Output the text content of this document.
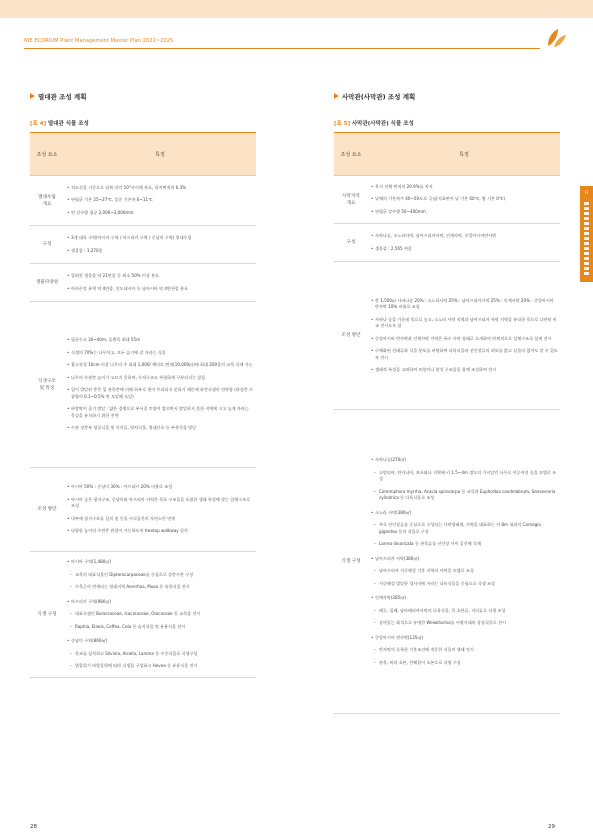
NIE ECORIUM Plant Management Master Plan 2021~2025
II
열대관 조성 계획
[표 4] 열대관 식물 조성
조성 요소	특징
열대우림
개요
• 적도선을 기준으로 남북 각각 10°사이에 분포, 육지면적의 6.3%
• 연평균 기온 25~27℃, 일준 기온차 6~11℃
• 연 강수량 평균 2,000~3,000mm
구성
• 3개 대륙 구역(아시아 구역 / 아프리카 구역 / 중남미 구역) 열대우림
• 생물종 : 1,270종
생물다양성
• 알려진 생물종 약 21만종 중 최소 50% 이상 분포
• 아마존강 유역 약 4만종, 인도네시아 등 남아시아 약 4만천종 분포
식생구조
및 특징
• 평균수고 30~40m, 돌출목 최대 55m
• 식생의 70%는 나무이고, 모두 습기에 잘 자라는 식물
• 흉고직경 10cm 이상 나무의 수 최대 1,000/ 헥타르 면적(10,000㎡)에 최대 200종의 교목 식재 가능
• 나무의 수관층 높이가 고르지 못하여, 수직구조도 뚜렷하게 구분되지는 않음
• 일이 발달된 층은 잎 관목층에 의해 하부로 빛이 투과되지 못하기 때문에 하층식생이 빈약함 (하성층 수광량의 0.1~0.5% 만 도달해 도달)
• 바람막이 줄기 발달 : 얇은 경쟁으로 부서질 토양이 얕으면서 발달하지 못한 지역에 크고 높게 자라는 목질을 유지하기 위한 전략
• 수관 상층부 덩굴식물 및 이끼류, 양치식물, 열대난초 등 부착식물 발달
조성 방안
• 아시아 50% : 중남미 30% : 아프리카 20% 비율로 조성
• 아시아 숲은 평지구조, 중남미와 아프리카 지역은 목포 구조물을 포함한 생태 특성에 맞는 입체구조로 조성
• 내부에 평지구조를 설치 및 동물 서식공간의 자연스런 연계
• 다양한 높이의 수관층 관찰이 가능하도록 treetop walkway 설치
식생 구성
• 아시아 구역(1,480㎡)
– 교목의 대표식물인 Dipterocarpaceae를 중심으로 상층수관 구성
– 수목군의 연계되는 열대지역 Averrhoa, Musa 등 유용식물 전시
• 아프리카 구역(980㎡)
– 대표식생인 Burseraceae, Icacinaceae, Olacaceae 등 교목종 전시
– Raphia, Elaeis, Coffea, Cola 등 습지식물 및 유용식물 전시
• 중남미 구역(860㎡)
– 목조를 설치하고 Silvinia, Alcella, Lamma 등 수중식물로 식생구성
– 멸종위기 바람물원에 따라 식생을 구성하고 Hevea 등 유용식물 전시
28
사막관(사막관) 조성 계획
[표 5] 사막관(사막관) 식물 조성
조성 요소	특징
사막지역
개요
• 육지 전체 면적의 20.9%를 차지
• 낮에의 기온차가 40~50도로 극심(지표면이 낮 기온 60℃, 밤 기온 0℃)
• 연평균 강수량 50~400mm
구성
• 사바나숲, 소노라사막, 남아프리카사막, 인계사막, 중앙아시아반사막
• 생물종 : 2,565 여종
조성 방안
• 총 1,500㎡ 사바나숲 20% : 소노라사막 25% : 남아프리카사막 25% : 인계사막 20% : 중앙아시아 반사막 10% 비율로 조성
• 사바나 숲을 가운데 목으로 놓고, 소노라 사막 지역과 남아프리카 사막 지역을 유리한 목으로 나란히 비교 전시도록 함
• 중앙아시아 반사막과 인계사막 지역은 특수 사막 형태로 소개하며 단계적으로 입체구조로 설계 전시
• 구체화된 선태류와 식물 분포를 바탕하여 다육식물과 선인장류의 외모를 밝고 실물의 없어도 알 수 있도록 전시
• 생태적 특성을 고려하여 토양이나 암석 구조물을 함께 조성하여 전시
식생 구성
• 사바나숲(270㎡)
– 소말리아, 탄자니아, 보츠와나 지역에 키 1.5~4m 정도의 가시달린 나무로 이루어진 숲을 모델로 조성
– Commiphora myrrha, Acacia spirocarpa 등 교목과 Euphorbia candelabrum, Sansevieria cylindrica 등 다육식물로 조성
• 소노라 사막(380㎡)
– 주로 선인장류를 중심으로 구성되는 사막생태계, 지역을 대표하는 키 8m 내외의 Carnegia gigantea 등의 식물로 구성
– Larrea divaricata 등 관목류를 선인장 사이 공간에 식재
• 남아프리카 사막(380㎡)
– 남아프리카 지중해성 기후 지역의 사막을 모델로 조성
– 지중해성 발달한 경사지에 자라는 다육식물을 중심으로 식생 조성
• 인계사막(285㎡)
– 페루, 칠레, 남아메리카사막의 다육식물, 콕 초본류, 지의류로 식생 조성
– 살아있는 화석으로 유명한 Welwitschia를 이영지대의 상징식물로 전시
• 중앙아시아 반사막(135㎡)
– 반사막의 독특한 기후조건에 적응한 식물의 생태 전시
– 관목, 버과 초본, 한해살이 초본으로 식생 구성
29
